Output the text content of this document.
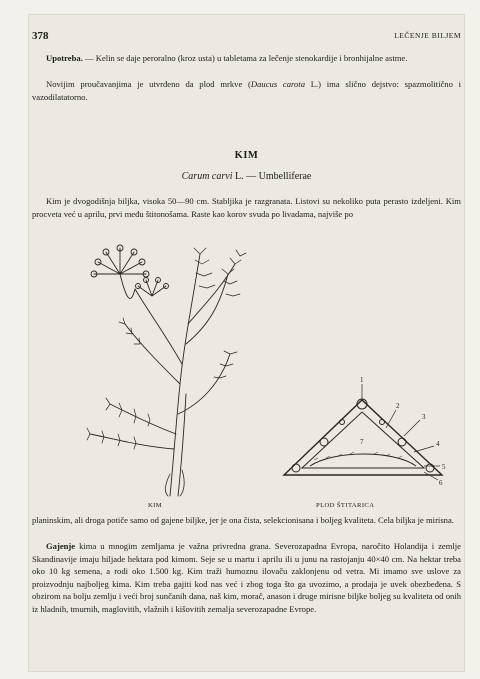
378	LEČENJE BILJEM
Upotreba. — Kelin se daje peroralno (kroz usta) u tabletama za lečenje stenokardije i bronhijalne astme.
Novijim proučavanjima je utvrđeno da plod mrkve (Daucus carota L.) ima slično dejstvo: spazmolitično i vazodilatatorno.
KIM
Carum carvi L. — Umbelliferae
Kim je dvogodišnja biljka, visoka 50—90 cm. Stabljika je razgranata. Listovi su nekoliko puta perasto izdeljeni. Kim procveta već u aprilu, prvi među štitonošama. Raste kao korov svuda po livadama, najviše po
KIM
1
2
3
4
5
6
7
PLOD ŠTITARICA
planinskim, ali droga potiče samo od gajene biljke, jer je ona čista, selekcionisana i boljeg kvaliteta. Cela biljka je mirisna.
Gajenje kima u mnogim zemljama je važna privredna grana. Severozapadna Evropa, naročito Holandija i zemlje Skandinavije imaju hiljade hektara pod kimom. Seje se u martu i aprilu ili u junu na rastojanju 40×40 cm. Na hektar treba oko 10 kg semena, a rodi oko 1.500 kg. Kim traži humoznu ilovaču zaklonjenu od vetra. Mi imamo sve uslove za proizvodnju najboljeg kima. Kim treba gajiti kod nas već i zbog toga što ga uvozimo, a prodaja je uvek obezbeđena. S obzirom na bolju zemlju i veći broj sunčanih dana, naš kim, morač, anason i druge mirisne biljke boljeg su kvaliteta od onih iz hladnih, tmurnih, maglovitih, vlažnih i kišovitih zemalja severozapadne Evrope.
